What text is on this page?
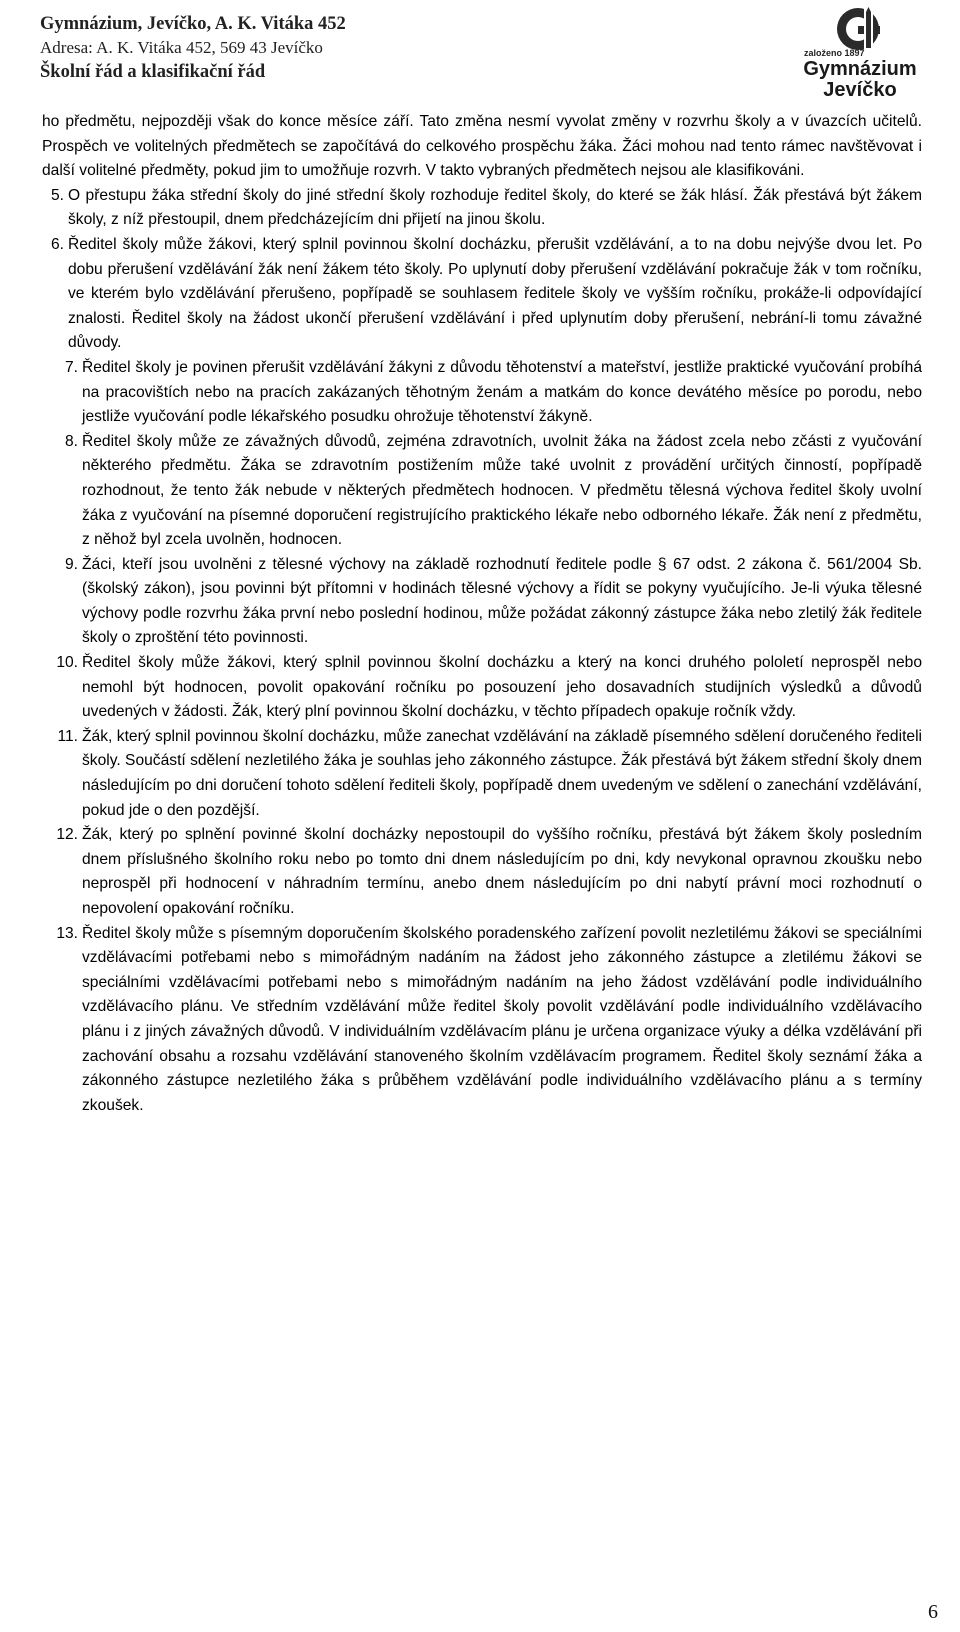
Gymnázium, Jevíčko, A. K. Vitáka 452
Adresa: A. K. Vitáka 452, 569 43 Jevíčko
Školní řád a klasifikační řád
založeno 1897
Gymnázium
Jevíčko

ho předmětu, nejpozději však do konce měsíce září. Tato změna nesmí vyvolat změny v rozvrhu školy a v úvazcích učitelů. Prospěch ve volitelných předmětech se započítává do celkového prospěchu žáka. Žáci mohou nad tento rámec navštěvovat i další volitelné předměty, pokud jim to umožňuje rozvrh. V takto vybraných předmětech nejsou ale klasifikováni.

5. O přestupu žáka střední školy do jiné střední školy rozhoduje ředitel školy, do které se žák hlásí. Žák přestává být žákem školy, z níž přestoupil, dnem předcházejícím dni přijetí na jinou školu.
6. Ředitel školy může žákovi, který splnil povinnou školní docházku, přerušit vzdělávání, a to na dobu nejvýše dvou let. Po dobu přerušení vzdělávání žák není žákem této školy. Po uplynutí doby přerušení vzdělávání pokračuje žák v tom ročníku, ve kterém bylo vzdělávání přerušeno, popřípadě se souhlasem ředitele školy ve vyšším ročníku, prokáže-li odpovídající znalosti. Ředitel školy na žádost ukončí přerušení vzdělávání i před uplynutím doby přerušení, nebrání-li tomu závažné důvody.
7. Ředitel školy je povinen přerušit vzdělávání žákyni z důvodu těhotenství a mateřství, jestliže praktické vyučování probíhá na pracovištích nebo na pracích zakázaných těhotným ženám a matkám do konce devátého měsíce po porodu, nebo jestliže vyučování podle lékařského posudku ohrožuje těhotenství žákyně.
8. Ředitel školy může ze závažných důvodů, zejména zdravotních, uvolnit žáka na žádost zcela nebo zčásti z vyučování některého předmětu. Žáka se zdravotním postižením může také uvolnit z provádění určitých činností, popřípadě rozhodnout, že tento žák nebude v některých předmětech hodnocen. V předmětu tělesná výchova ředitel školy uvolní žáka z vyučování na písemné doporučení registrujícího praktického lékaře nebo odborného lékaře. Žák není z předmětu, z něhož byl zcela uvolněn, hodnocen.
9. Žáci, kteří jsou uvolněni z tělesné výchovy na základě rozhodnutí ředitele podle § 67 odst. 2 zákona č. 561/2004 Sb. (školský zákon), jsou povinni být přítomni v hodinách tělesné výchovy a řídit se pokyny vyučujícího. Je-li výuka tělesné výchovy podle rozvrhu žáka první nebo poslední hodinou, může požádat zákonný zástupce žáka nebo zletilý žák ředitele školy o zproštění této povinnosti.
10. Ředitel školy může žákovi, který splnil povinnou školní docházku a který na konci druhého pololetí neprospěl nebo nemohl být hodnocen, povolit opakování ročníku po posouzení jeho dosavadních studijních výsledků a důvodů uvedených v žádosti. Žák, který plní povinnou školní docházku, v těchto případech opakuje ročník vždy.
11. Žák, který splnil povinnou školní docházku, může zanechat vzdělávání na základě písemného sdělení doručeného řediteli školy. Součástí sdělení nezletilého žáka je souhlas jeho zákonného zástupce. Žák přestává být žákem střední školy dnem následujícím po dni doručení tohoto sdělení řediteli školy, popřípadě dnem uvedeným ve sdělení o zanechání vzdělávání, pokud jde o den pozdější.
12. Žák, který po splnění povinné školní docházky nepostoupil do vyššího ročníku, přestává být žákem školy posledním dnem příslušného školního roku nebo po tomto dni dnem následujícím po dni, kdy nevykonal opravnou zkoušku nebo neprospěl při hodnocení v náhradním termínu, anebo dnem následujícím po dni nabytí právní moci rozhodnutí o nepovolení opakování ročníku.
13. Ředitel školy může s písemným doporučením školského poradenského zařízení povolit nezletilému žákovi se speciálními vzdělávacími potřebami nebo s mimořádným nadáním na žádost jeho zákonného zástupce a zletilému žákovi se speciálními vzdělávacími potřebami nebo s mimořádným nadáním na jeho žádost vzdělávání podle individuálního vzdělávacího plánu. Ve středním vzdělávání může ředitel školy povolit vzdělávání podle individuálního vzdělávacího plánu i z jiných závažných důvodů. V individuálním vzdělávacím plánu je určena organizace výuky a délka vzdělávání při zachování obsahu a rozsahu vzdělávání stanoveného školním vzdělávacím programem. Ředitel školy seznámí žáka a zákonného zástupce nezletilého žáka s průběhem vzdělávání podle individuálního vzdělávacího plánu a s termíny zkoušek.
6
